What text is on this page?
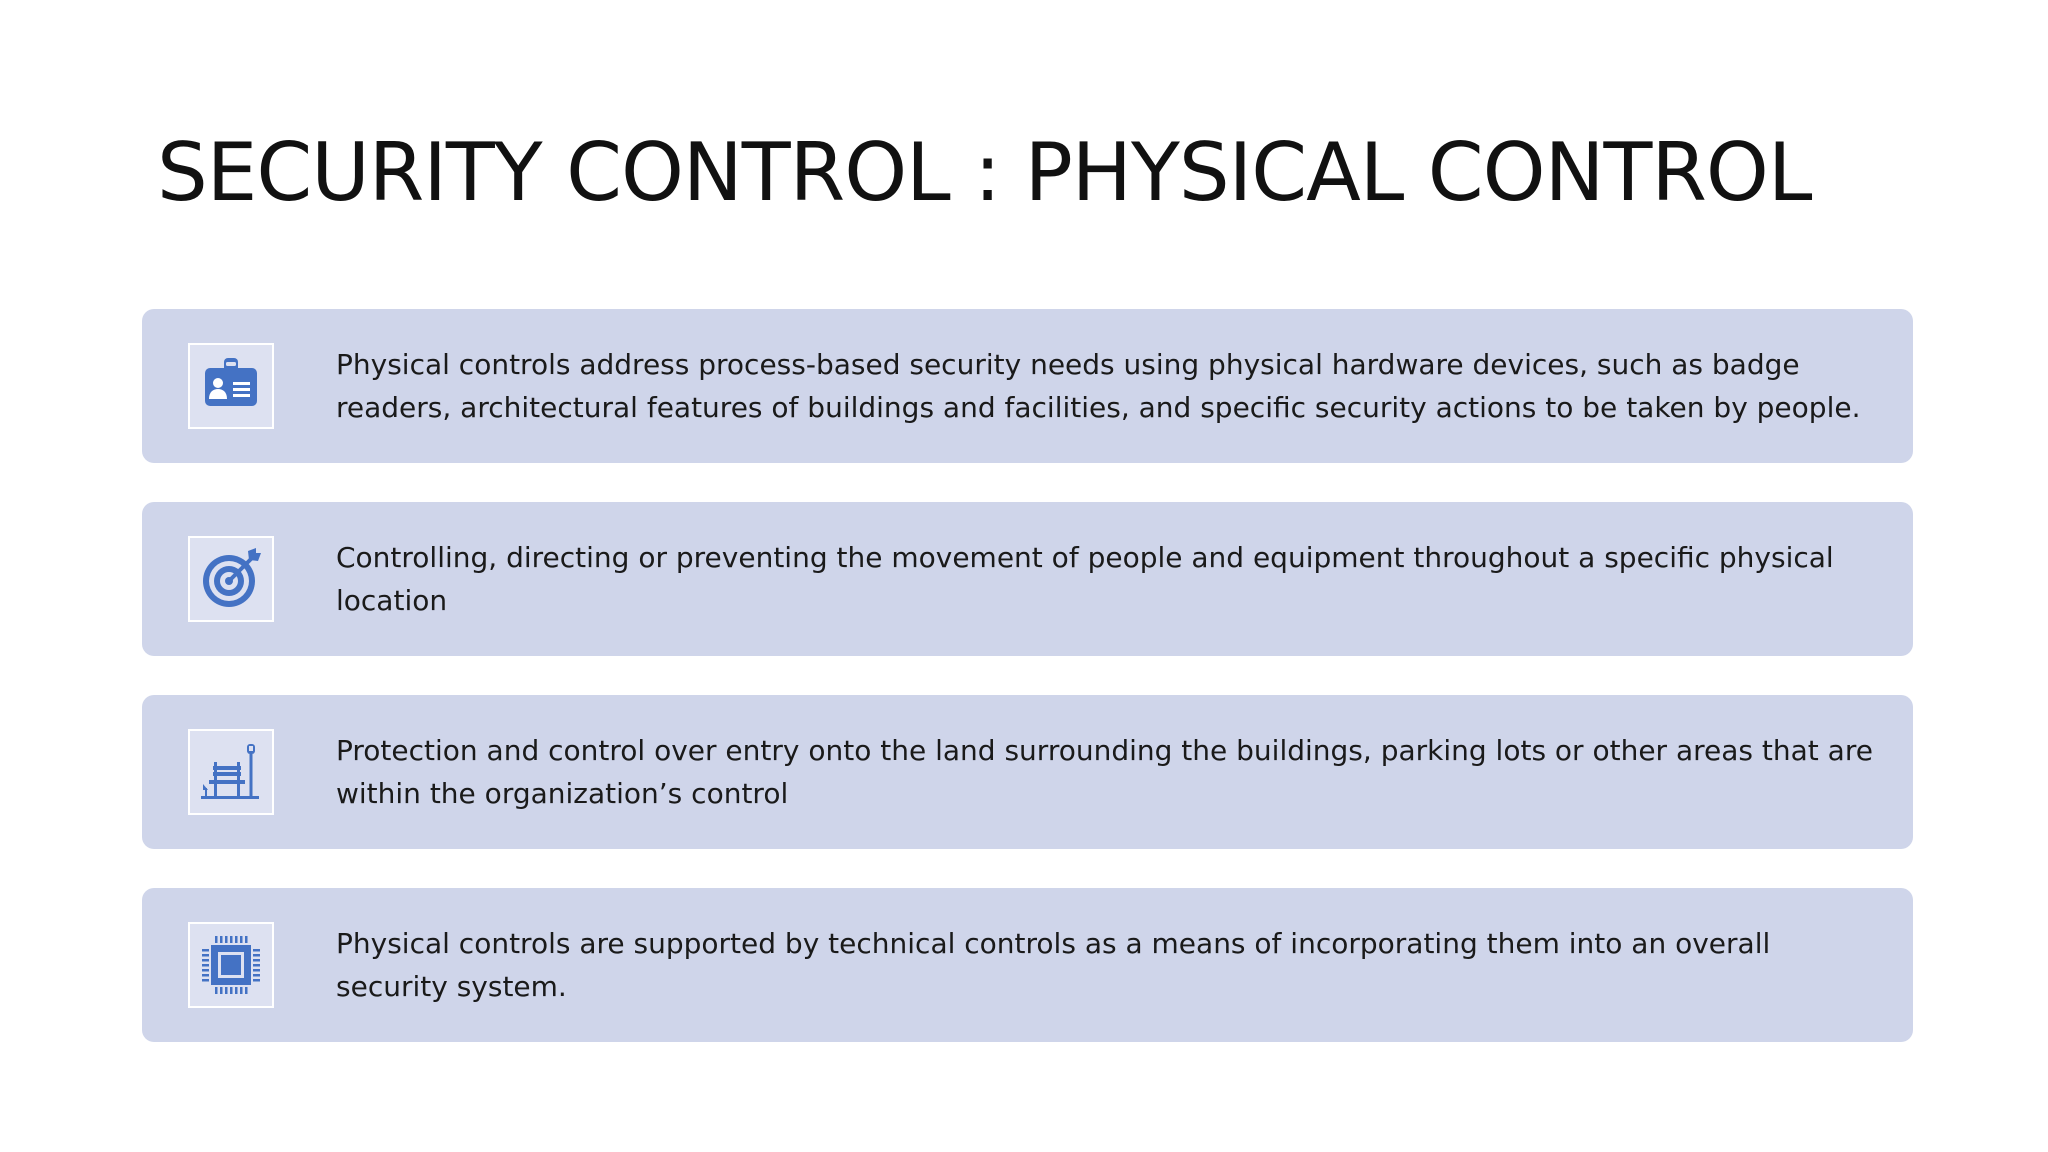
SECURITY CONTROL : PHYSICAL CONTROL

Physical controls address process-based security needs using physical hardware devices, such as badge readers, architectural features of buildings and facilities, and specific security actions to be taken by people.

Controlling, directing or preventing the movement of people and equipment throughout a specific physical location

Protection and control over entry onto the land surrounding the buildings, parking lots or other areas that are within the organization’s control

Physical controls are supported by technical controls as a means of incorporating them into an overall security system.
